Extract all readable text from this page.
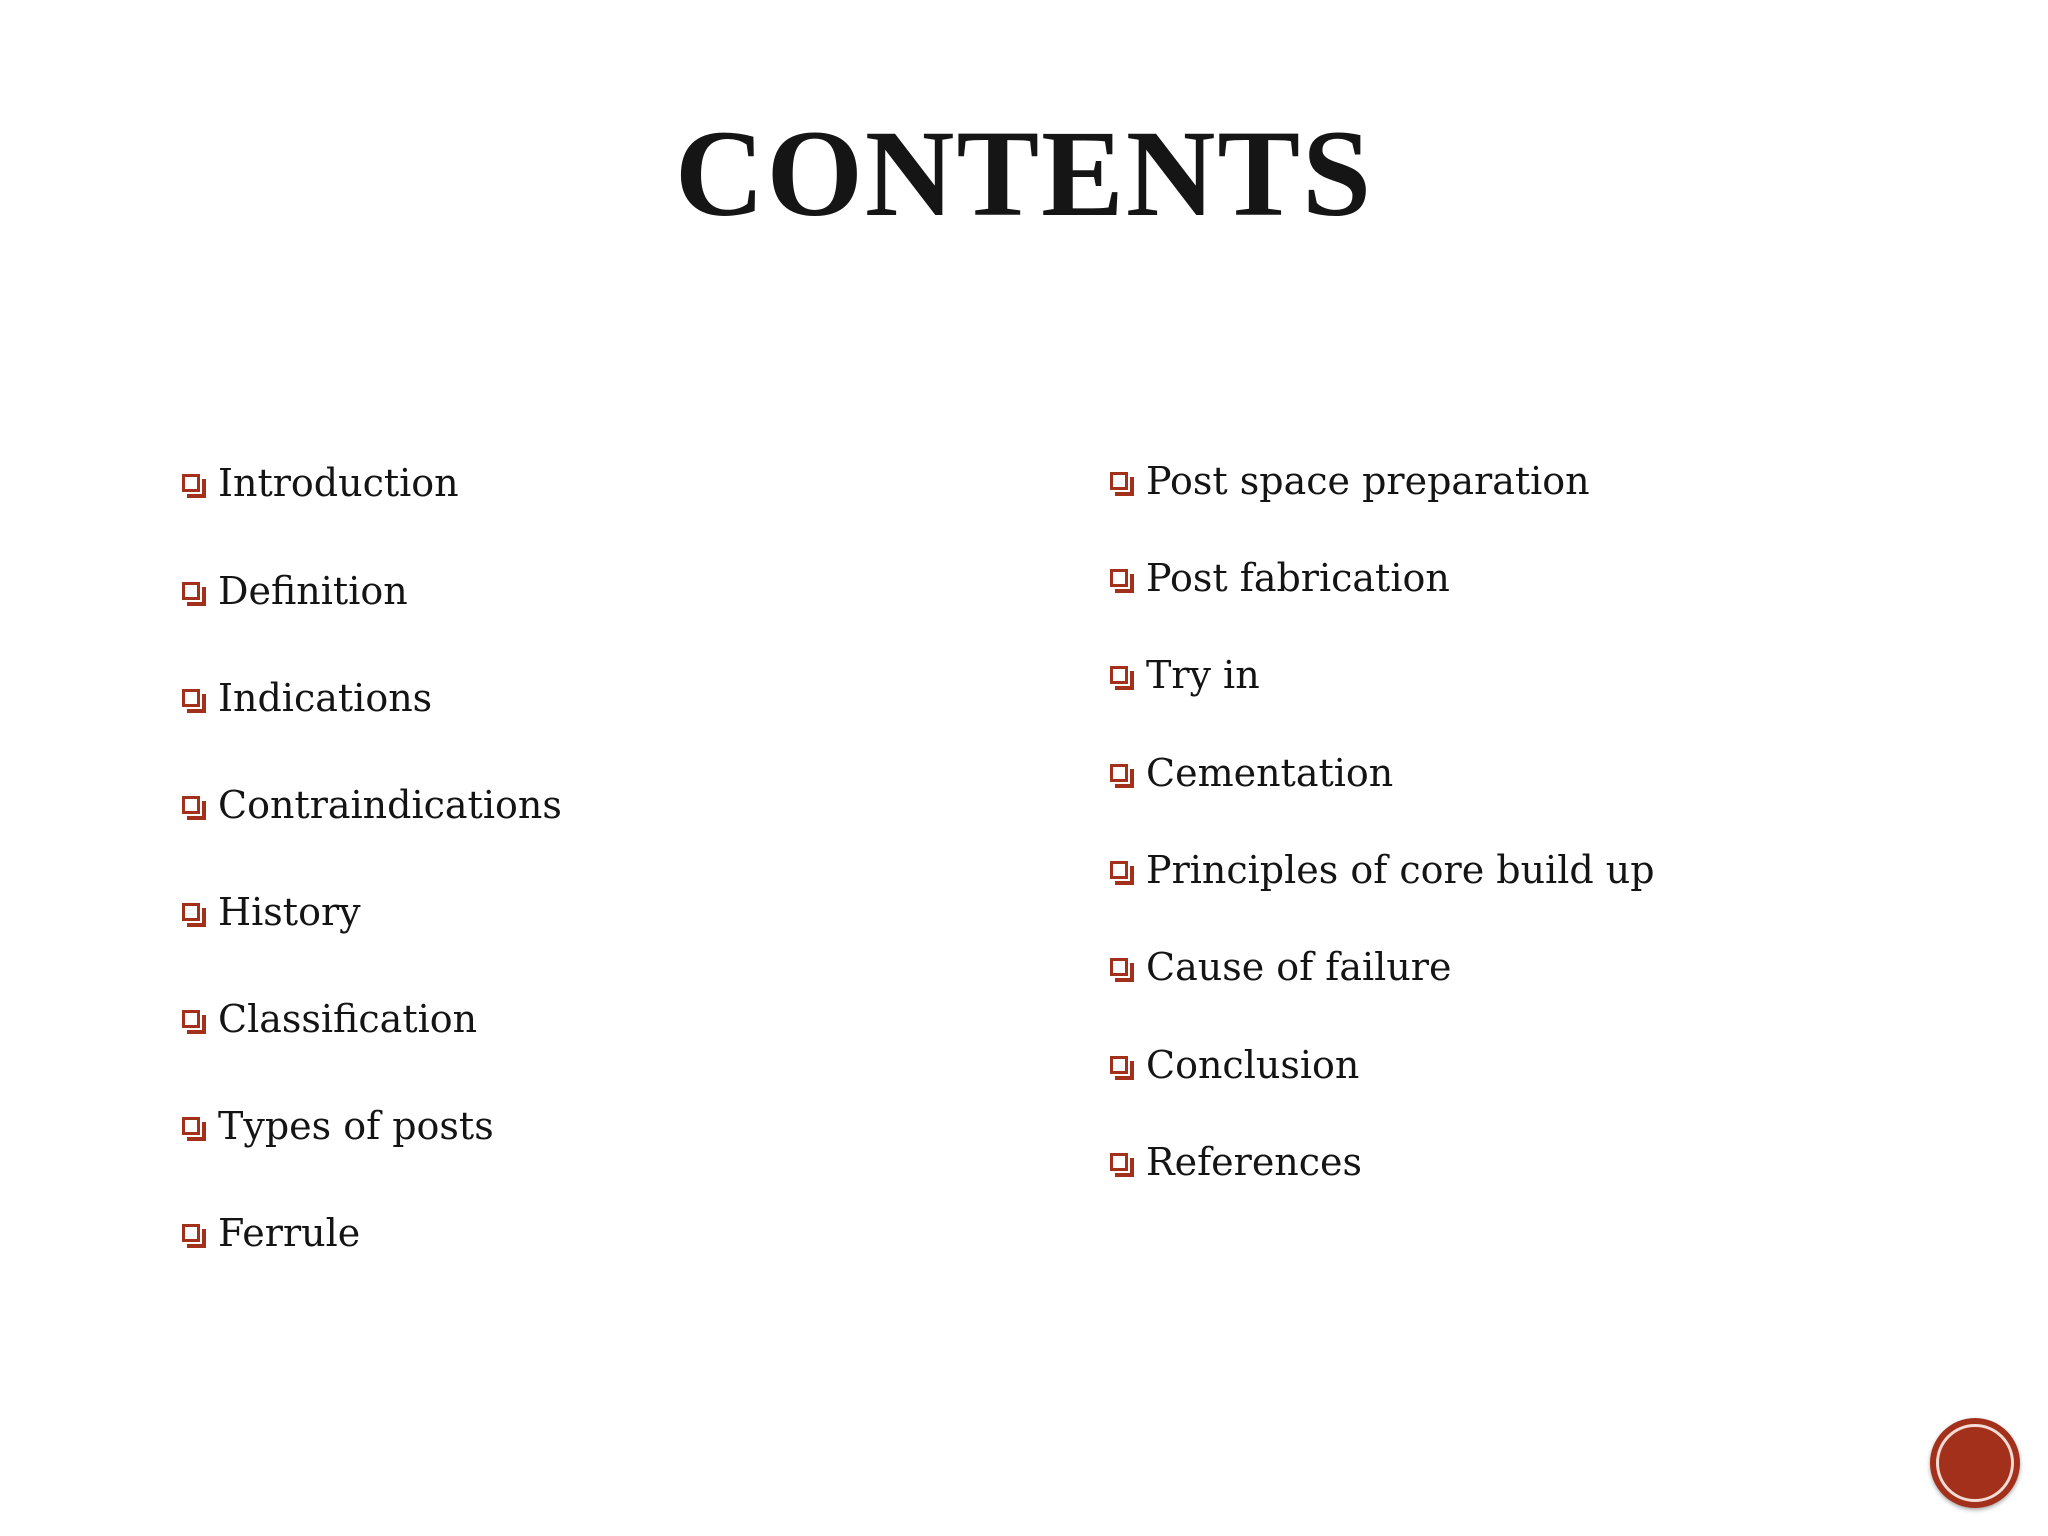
CONTENTS
Introduction
Definition
Indications
Contraindications
History
Classification
Types of posts
Ferrule
Post space preparation
Post fabrication
Try in
Cementation
Principles of core build up
Cause of failure
Conclusion
References
